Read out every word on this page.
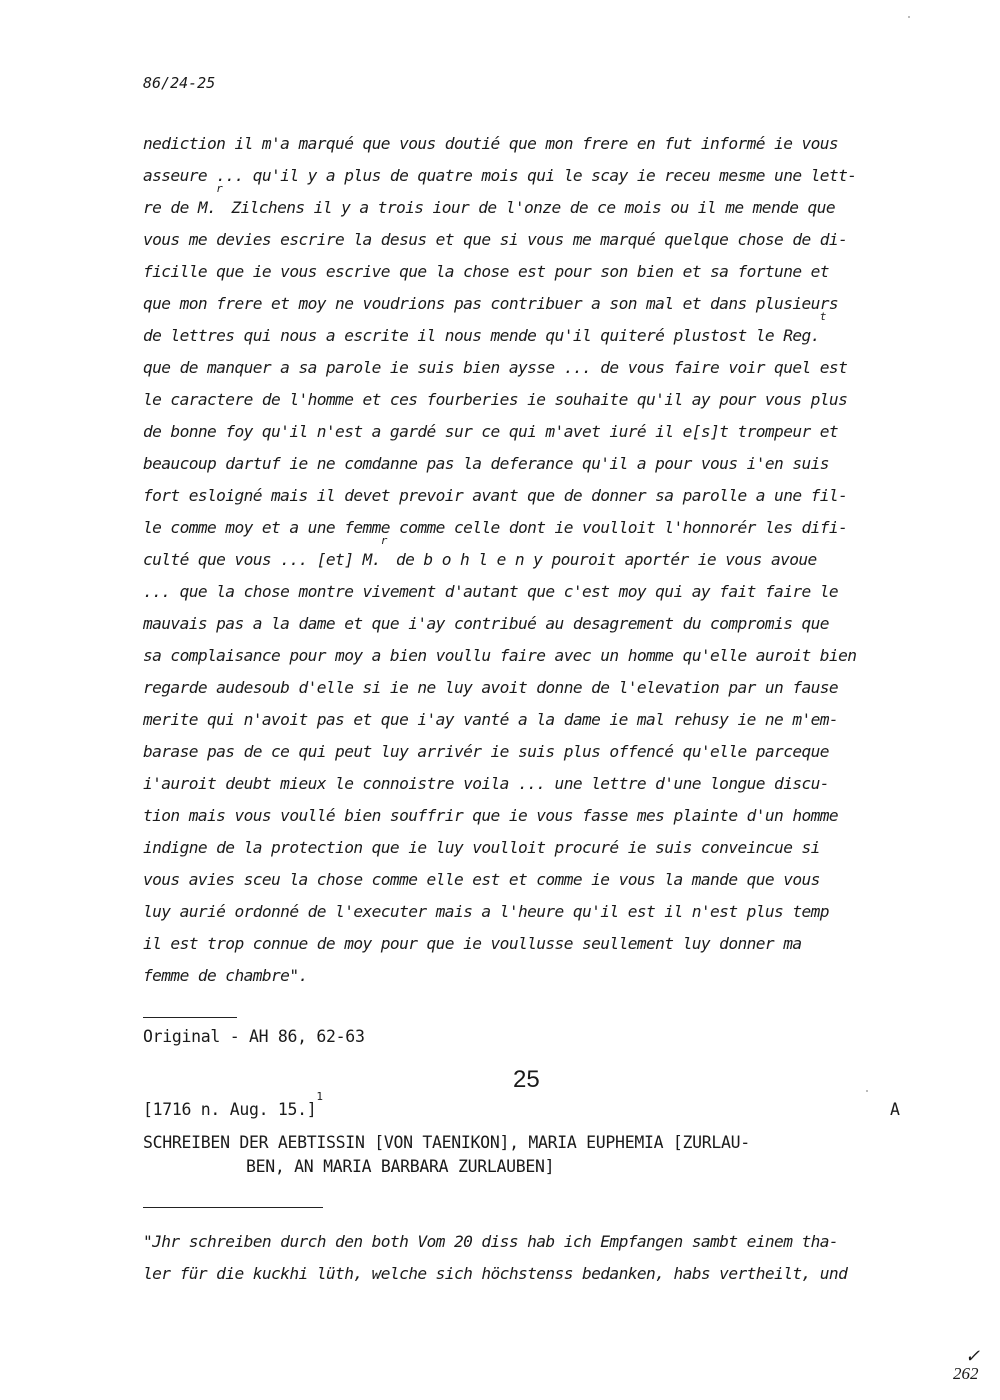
86/24-25
nediction il m'a marqué que vous doutié que mon frere en fut informé ie vous
asseure ... qu'il y a plus de quatre mois qui le scay ie receu mesme une lett-
re de M.$^r$ Zilchens il y a trois iour de l'onze de ce mois ou il me mende que
vous me devies escrire la desus et que si vous me marqué quelque chose de di-
ficille que ie vous escrive que la chose est pour son bien et sa fortune et
que mon frere et moy ne voudrions pas contribuer a son mal et dans plusieurs
de lettres qui nous a escrite il nous mende qu'il quiteré plustost le Reg.$^t$
que de manquer a sa parole ie suis bien aysse ... de vous faire voir quel est
le caractere de l'homme et ces fourberies ie souhaite qu'il ay pour vous plus
de bonne foy qu'il n'est a gardé sur ce qui m'avet iuré il e[s]t trompeur et
beaucoup dartuf ie ne comdanne pas la deferance qu'il a pour vous i'en suis
fort esloigné mais il devet prevoir avant que de donner sa parolle a une fil-
le comme moy et a une femme comme celle dont ie voulloit l'honnorér les difi-
culté que vous ... [et] M.$^r$ de b o h l e n y pouroit aportér ie vous avoue
... que la chose montre vivement d'autant que c'est moy qui ay fait faire le
mauvais pas a la dame et que i'ay contribué au desagrement du compromis que
sa complaisance pour moy a bien voullu faire avec un homme qu'elle auroit bien
regarde audesoub d'elle si ie ne luy avoit donne de l'elevation par un fause
merite qui n'avoit pas et que i'ay vanté a la dame ie mal rehusy ie ne m'em-
barase pas de ce qui peut luy arrivér ie suis plus offencé qu'elle parceque
i'auroit deubt mieux le connoistre voila ... une lettre d'une longue discu-
tion mais vous voullé bien souffrir que ie vous fasse mes plainte d'un homme
indigne de la protection que ie luy voulloit procuré ie suis conveincue si
vous avies sceu la chose comme elle est et comme ie vous la mande que vous
luy aurié ordonné de l'executer mais a l'heure qu'il est il n'est plus temp
il est trop connue de moy pour que ie voullusse seullement luy donner ma
femme de chambre".
Original - AH 86, 62-63
25
[1716 n. Aug. 15.]$^1$
A
SCHREIBEN DER AEBTISSIN [VON TAENIKON], MARIA EUPHEMIA [ZURLAU-
BEN, AN MARIA BARBARA ZURLAUBEN]
"Jhr schreiben durch den both Vom 20 diss hab ich Empfangen sambt einem tha-
ler für die kuckhi lüth, welche sich höchstenss bedanken, habs vertheilt, und
✓
262
